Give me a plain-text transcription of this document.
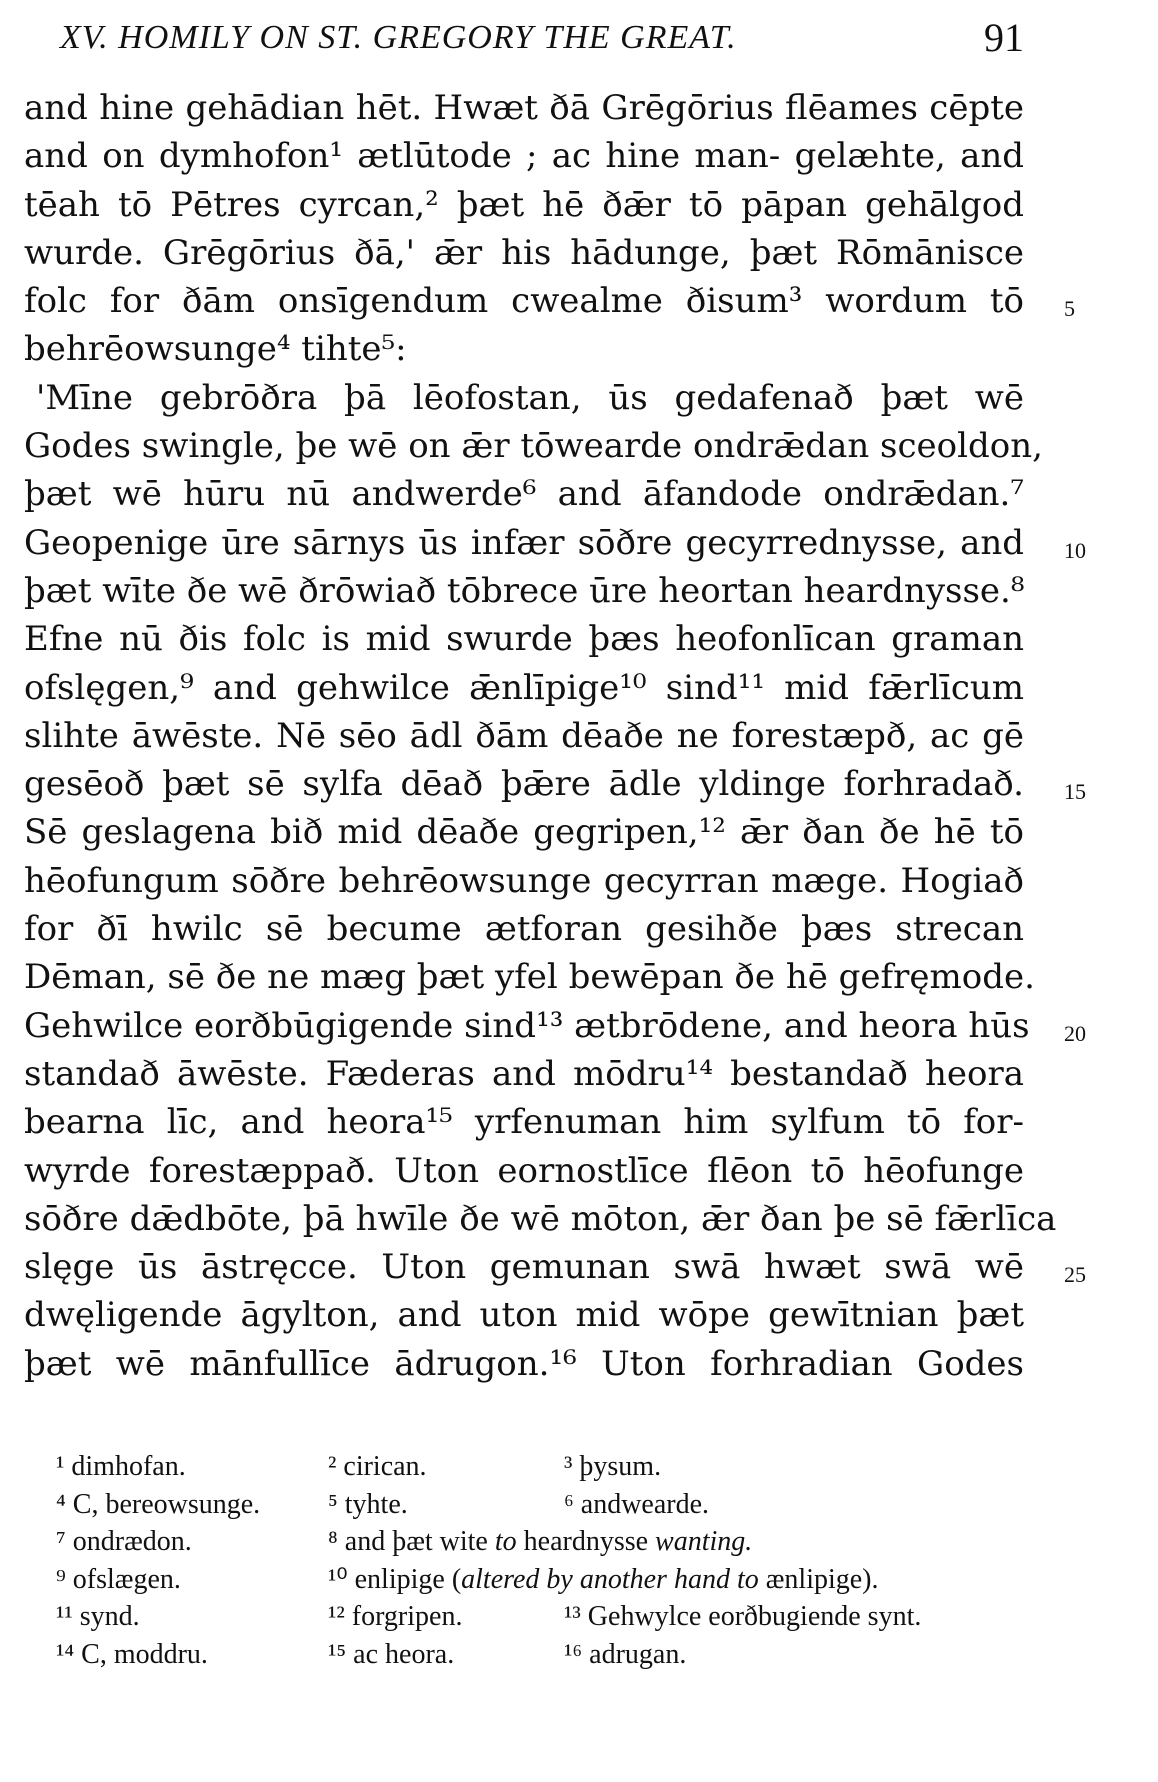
XV. HOMILY ON ST. GREGORY THE GREAT.	91
and hine gehādian hēt. Hwæt ðā Grēgōrius flēames cēpte
and on dymhofon¹ ætlūtode ; ac hine man- gelæhte, and
tēah tō Pētres cyrcan,² þæt hē ðǣr tō pāpan gehālgod
wurde. Grēgōrius ðā,' ǣr his hādunge, þæt Rōmānisce
folc for ðām onsīgendum cwealme ðisum³ wordum tō 5
behrēowsunge⁴ tihte⁵:
'Mīne gebrōðra þā lēofostan, ūs gedafenað þæt wē
Godes swingle, þe wē on ǣr tōwearde ondrǣdan sceoldon,
þæt wē hūru nū andwerde⁶ and āfandode ondrǣdan.⁷
Geopenige ūre sārnys ūs infær sōðre gecyrrednysse, and 10
þæt wīte ðe wē ðrōwiað tōbrece ūre heortan heardnysse.⁸
Efne nū ðis folc is mid swurde þæs heofonlīcan graman
ofslęgen,⁹ and gehwilce ǣnlīpige¹⁰ sind¹¹ mid fǣrlīcum
slihte āwēste. Nē sēo ādl ðām dēaðe ne forestæpð, ac gē
gesēoð þæt sē sylfa dēað þǣre ādle yldinge forhradað. 15
Sē geslagena bið mid dēaðe gegripen,¹² ǣr ðan ðe hē tō
hēofungum sōðre behrēowsunge gecyrran mæge. Hogiað
for ðī hwilc sē becume ætforan gesihðe þæs strecan
Dēman, sē ðe ne mæg þæt yfel bewēpan ðe hē gefręmode.
Gehwilce eorðbūgigende sind¹³ ætbrōdene, and heora hūs 20
standað āwēste. Fæderas and mōdru¹⁴ bestandað heora
bearna līc, and heora¹⁵ yrfenuman him sylfum tō for-
wyrde forestæppað. Uton eornostlīce flēon tō hēofunge
sōðre dǣdbōte, þā hwīle ðe wē mōton, ǣr ðan þe sē fǣrlīca
slęge ūs āstręcce. Uton gemunan swā hwæt swā wē 25
dwęligende āgylton, and uton mid wōpe gewītnian þæt
þæt wē mānfullīce ādrugon.¹⁶ Uton forhradian Godes
¹ dimhofan.	² cirican.	³ þysum.
⁴ C, bereowsunge. ⁵ tyhte.	⁶ andwearde.
⁷ ondrædon.	⁸ and þæt wite to heardnysse wanting.
⁹ ofslægen.	¹⁰ enlipige (altered by another hand to ænlipige).
¹¹ synd.	¹² forgripen.	¹³ Gehwylce eorðbugiende synt.
¹⁴ C, moddru.	¹⁵ ac heora.	¹⁶ adrugan.
